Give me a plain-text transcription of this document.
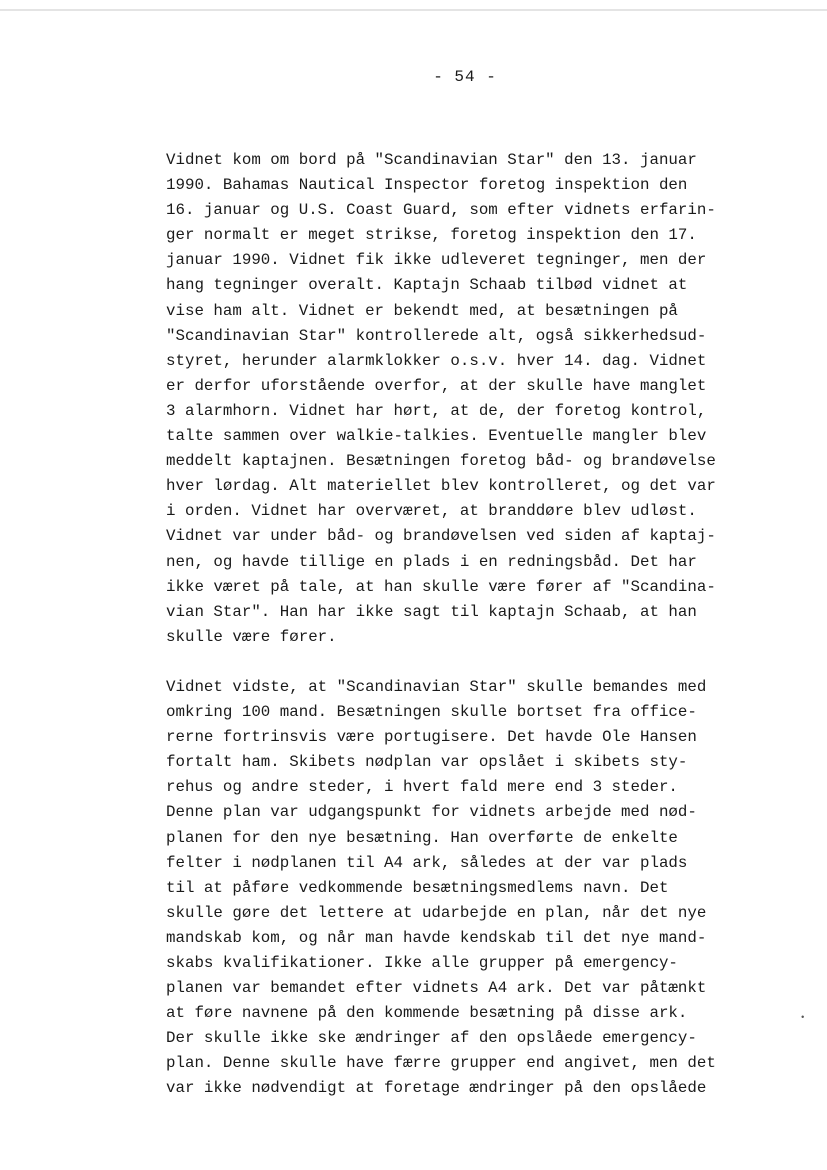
- 54 -

Vidnet kom om bord på "Scandinavian Star" den 13. januar
1990. Bahamas Nautical Inspector foretog inspektion den
16. januar og U.S. Coast Guard, som efter vidnets erfarin-
ger normalt er meget strikse, foretog inspektion den 17.
januar 1990. Vidnet fik ikke udleveret tegninger, men der
hang tegninger overalt. Kaptajn Schaab tilbød vidnet at
vise ham alt. Vidnet er bekendt med, at besætningen på
"Scandinavian Star" kontrollerede alt, også sikkerhedsud-
styret, herunder alarmklokker o.s.v. hver 14. dag. Vidnet
er derfor uforstående overfor, at der skulle have manglet
3 alarmhorn. Vidnet har hørt, at de, der foretog kontrol,
talte sammen over walkie-talkies. Eventuelle mangler blev
meddelt kaptajnen. Besætningen foretog båd- og brandøvelse
hver lørdag. Alt materiellet blev kontrolleret, og det var
i orden. Vidnet har overværet, at branddøre blev udløst.
Vidnet var under båd- og brandøvelsen ved siden af kaptaj-
nen, og havde tillige en plads i en redningsbåd. Det har
ikke været på tale, at han skulle være fører af "Scandina-
vian Star". Han har ikke sagt til kaptajn Schaab, at han
skulle være fører.

Vidnet vidste, at "Scandinavian Star" skulle bemandes med
omkring 100 mand. Besætningen skulle bortset fra office-
rerne fortrinsvis være portugisere. Det havde Ole Hansen
fortalt ham. Skibets nødplan var opslået i skibets sty-
rehus og andre steder, i hvert fald mere end 3 steder.
Denne plan var udgangspunkt for vidnets arbejde med nød-
planen for den nye besætning. Han overførte de enkelte
felter i nødplanen til A4 ark, således at der var plads
til at påføre vedkommende besætningsmedlems navn. Det
skulle gøre det lettere at udarbejde en plan, når det nye
mandskab kom, og når man havde kendskab til det nye mand-
skabs kvalifikationer. Ikke alle grupper på emergency-
planen var bemandet efter vidnets A4 ark. Det var påtænkt
at føre navnene på den kommende besætning på disse ark.
Der skulle ikke ske ændringer af den opslåede emergency-
plan. Denne skulle have færre grupper end angivet, men det
var ikke nødvendigt at foretage ændringer på den opslåede

•
